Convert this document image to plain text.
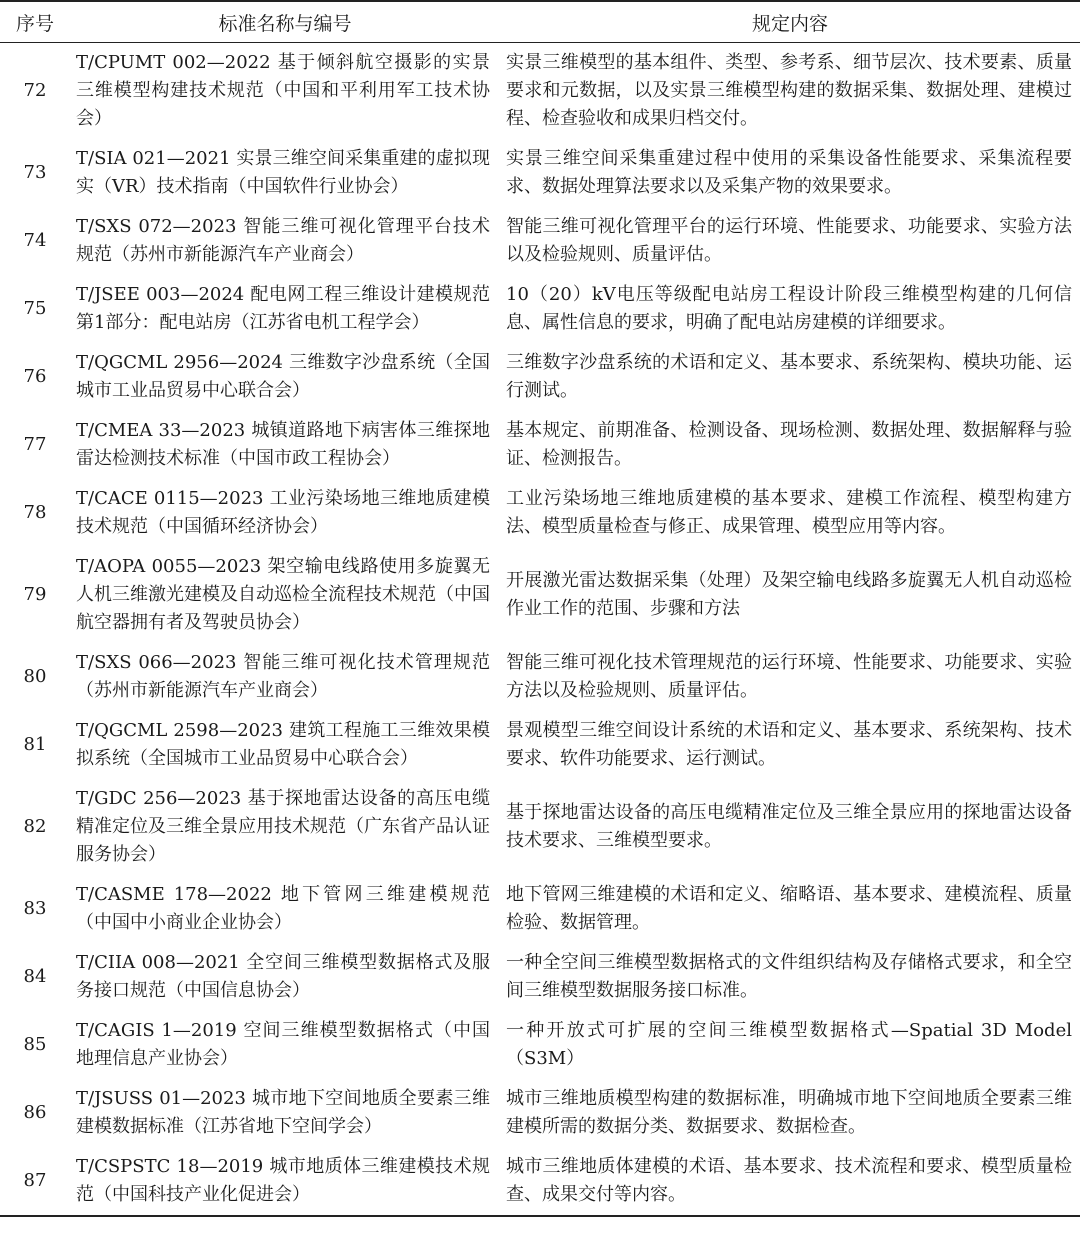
序号	标准名称与编号	规定内容
72	T/CPUMT 002—2022 基于倾斜航空摄影的实景三维模型构建技术规范（中国和平利用军工技术协会）	实景三维模型的基本组件、类型、参考系、细节层次、技术要素、质量要求和元数据，以及实景三维模型构建的数据采集、数据处理、建模过程、检查验收和成果归档交付。
73	T/SIA 021—2021 实景三维空间采集重建的虚拟现实（VR）技术指南（中国软件行业协会）	实景三维空间采集重建过程中使用的采集设备性能要求、采集流程要求、数据处理算法要求以及采集产物的效果要求。
74	T/SXS 072—2023 智能三维可视化管理平台技术规范（苏州市新能源汽车产业商会）	智能三维可视化管理平台的运行环境、性能要求、功能要求、实验方法以及检验规则、质量评估。
75	T/JSEE 003—2024 配电网工程三维设计建模规范 第1部分：配电站房（江苏省电机工程学会）	10（20）kV电压等级配电站房工程设计阶段三维模型构建的几何信息、属性信息的要求，明确了配电站房建模的详细要求。
76	T/QGCML 2956—2024 三维数字沙盘系统（全国城市工业品贸易中心联合会）	三维数字沙盘系统的术语和定义、基本要求、系统架构、模块功能、运行测试。
77	T/CMEA 33—2023 城镇道路地下病害体三维探地雷达检测技术标准（中国市政工程协会）	基本规定、前期准备、检测设备、现场检测、数据处理、数据解释与验证、检测报告。
78	T/CACE 0115—2023 工业污染场地三维地质建模技术规范（中国循环经济协会）	工业污染场地三维地质建模的基本要求、建模工作流程、模型构建方法、模型质量检查与修正、成果管理、模型应用等内容。
79	T/AOPA 0055—2023 架空输电线路使用多旋翼无人机三维激光建模及自动巡检全流程技术规范（中国航空器拥有者及驾驶员协会）	开展激光雷达数据采集（处理）及架空输电线路多旋翼无人机自动巡检作业工作的范围、步骤和方法
80	T/SXS 066—2023 智能三维可视化技术管理规范（苏州市新能源汽车产业商会）	智能三维可视化技术管理规范的运行环境、性能要求、功能要求、实验方法以及检验规则、质量评估。
81	T/QGCML 2598—2023 建筑工程施工三维效果模拟系统（全国城市工业品贸易中心联合会）	景观模型三维空间设计系统的术语和定义、基本要求、系统架构、技术要求、软件功能要求、运行测试。
82	T/GDC 256—2023 基于探地雷达设备的高压电缆精准定位及三维全景应用技术规范（广东省产品认证服务协会）	基于探地雷达设备的高压电缆精准定位及三维全景应用的探地雷达设备技术要求、三维模型要求。
83	T/CASME 178—2022 地下管网三维建模规范（中国中小商业企业协会）	地下管网三维建模的术语和定义、缩略语、基本要求、建模流程、质量检验、数据管理。
84	T/CIIA 008—2021 全空间三维模型数据格式及服务接口规范（中国信息协会）	一种全空间三维模型数据格式的文件组织结构及存储格式要求，和全空间三维模型数据服务接口标准。
85	T/CAGIS 1—2019 空间三维模型数据格式（中国地理信息产业协会）	一种开放式可扩展的空间三维模型数据格式—Spatial 3D Model（S3M）
86	T/JSUSS 01—2023 城市地下空间地质全要素三维建模数据标准（江苏省地下空间学会）	城市三维地质模型构建的数据标准，明确城市地下空间地质全要素三维建模所需的数据分类、数据要求、数据检查。
87	T/CSPSTC 18—2019 城市地质体三维建模技术规范（中国科技产业化促进会）	城市三维地质体建模的术语、基本要求、技术流程和要求、模型质量检查、成果交付等内容。
